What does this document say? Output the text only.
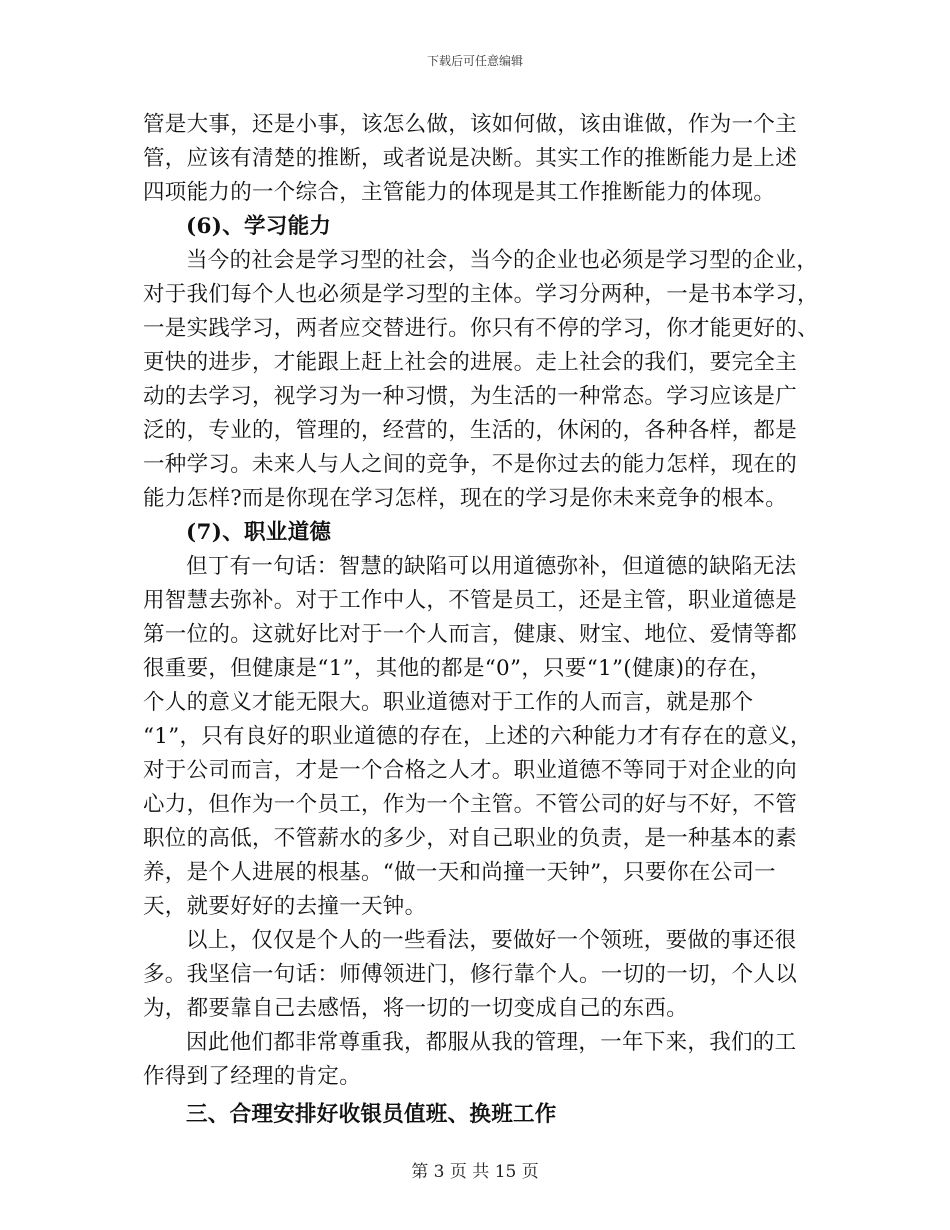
下载后可任意编辑
管是大事，还是小事，该怎么做，该如何做，该由谁做，作为一个主
管，应该有清楚的推断，或者说是决断。其实工作的推断能力是上述
四项能力的一个综合，主管能力的体现是其工作推断能力的体现。
(6)、学习能力
当今的社会是学习型的社会，当今的企业也必须是学习型的企业，
对于我们每个人也必须是学习型的主体。学习分两种，一是书本学习，
一是实践学习，两者应交替进行。你只有不停的学习，你才能更好的、
更快的进步，才能跟上赶上社会的进展。走上社会的我们，要完全主
动的去学习，视学习为一种习惯，为生活的一种常态。学习应该是广
泛的，专业的，管理的，经营的，生活的，休闲的，各种各样，都是
一种学习。未来人与人之间的竞争，不是你过去的能力怎样，现在的
能力怎样?而是你现在学习怎样，现在的学习是你未来竞争的根本。
(7)、职业道德
但丁有一句话：智慧的缺陷可以用道德弥补，但道德的缺陷无法
用智慧去弥补。对于工作中人，不管是员工，还是主管，职业道德是
第一位的。这就好比对于一个人而言，健康、财宝、地位、爱情等都
很重要，但健康是“1”，其他的都是“0”，只要“1”(健康)的存在，
个人的意义才能无限大。职业道德对于工作的人而言，就是那个
“1”，只有良好的职业道德的存在，上述的六种能力才有存在的意义，
对于公司而言，才是一个合格之人才。职业道德不等同于对企业的向
心力，但作为一个员工，作为一个主管。不管公司的好与不好，不管
职位的高低，不管薪水的多少，对自己职业的负责，是一种基本的素
养，是个人进展的根基。“做一天和尚撞一天钟”，只要你在公司一
天，就要好好的去撞一天钟。
以上，仅仅是个人的一些看法，要做好一个领班，要做的事还很
多。我坚信一句话：师傅领进门，修行靠个人。一切的一切，个人以
为，都要靠自己去感悟，将一切的一切变成自己的东西。
因此他们都非常尊重我，都服从我的管理，一年下来，我们的工
作得到了经理的肯定。
三、合理安排好收银员值班、换班工作
第 3 页 共 15 页
